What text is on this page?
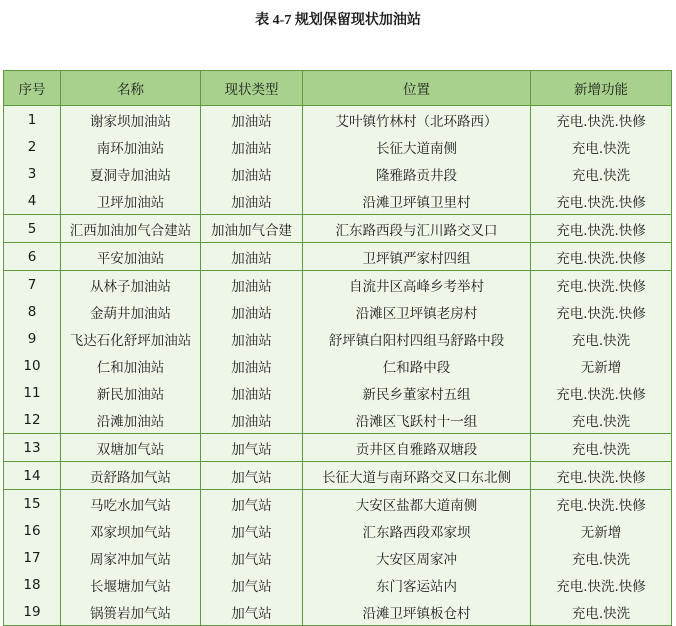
表 4-7 规划保留现状加油站
序号	名称	现状类型	位置	新增功能
1	谢家坝加油站	加油站	艾叶镇竹林村（北环路西）	充电.快洗.快修
2	南环加油站	加油站	长征大道南侧	充电.快洗
3	夏洞寺加油站	加油站	隆雅路贡井段	充电.快洗
4	卫坪加油站	加油站	沿滩卫坪镇卫里村	充电.快洗.快修
5	汇西加油加气合建站	加油加气合建	汇东路西段与汇川路交叉口	充电.快洗.快修
6	平安加油站	加油站	卫坪镇严家村四组	充电.快洗.快修
7	从林子加油站	加油站	自流井区高峰乡考举村	充电.快洗.快修
8	金葫井加油站	加油站	沿滩区卫坪镇老房村	充电.快洗.快修
9	飞达石化舒坪加油站	加油站	舒坪镇白阳村四组马舒路中段	充电.快洗
10	仁和加油站	加油站	仁和路中段	无新增
11	新民加油站	加油站	新民乡董家村五组	充电.快洗.快修
12	沿滩加油站	加油站	沿滩区飞跃村十一组	充电.快洗
13	双塘加气站	加气站	贡井区自雅路双塘段	充电.快洗
14	贡舒路加气站	加气站	长征大道与南环路交叉口东北侧	充电.快洗.快修
15	马吃水加气站	加气站	大安区盐都大道南侧	充电.快洗.快修
16	邓家坝加气站	加气站	汇东路西段邓家坝	无新增
17	周家冲加气站	加气站	大安区周家冲	充电.快洗
18	长堰塘加气站	加气站	东门客运站内	充电.快洗.快修
19	锅篑岩加气站	加气站	沿滩卫坪镇板仓村	充电.快洗
